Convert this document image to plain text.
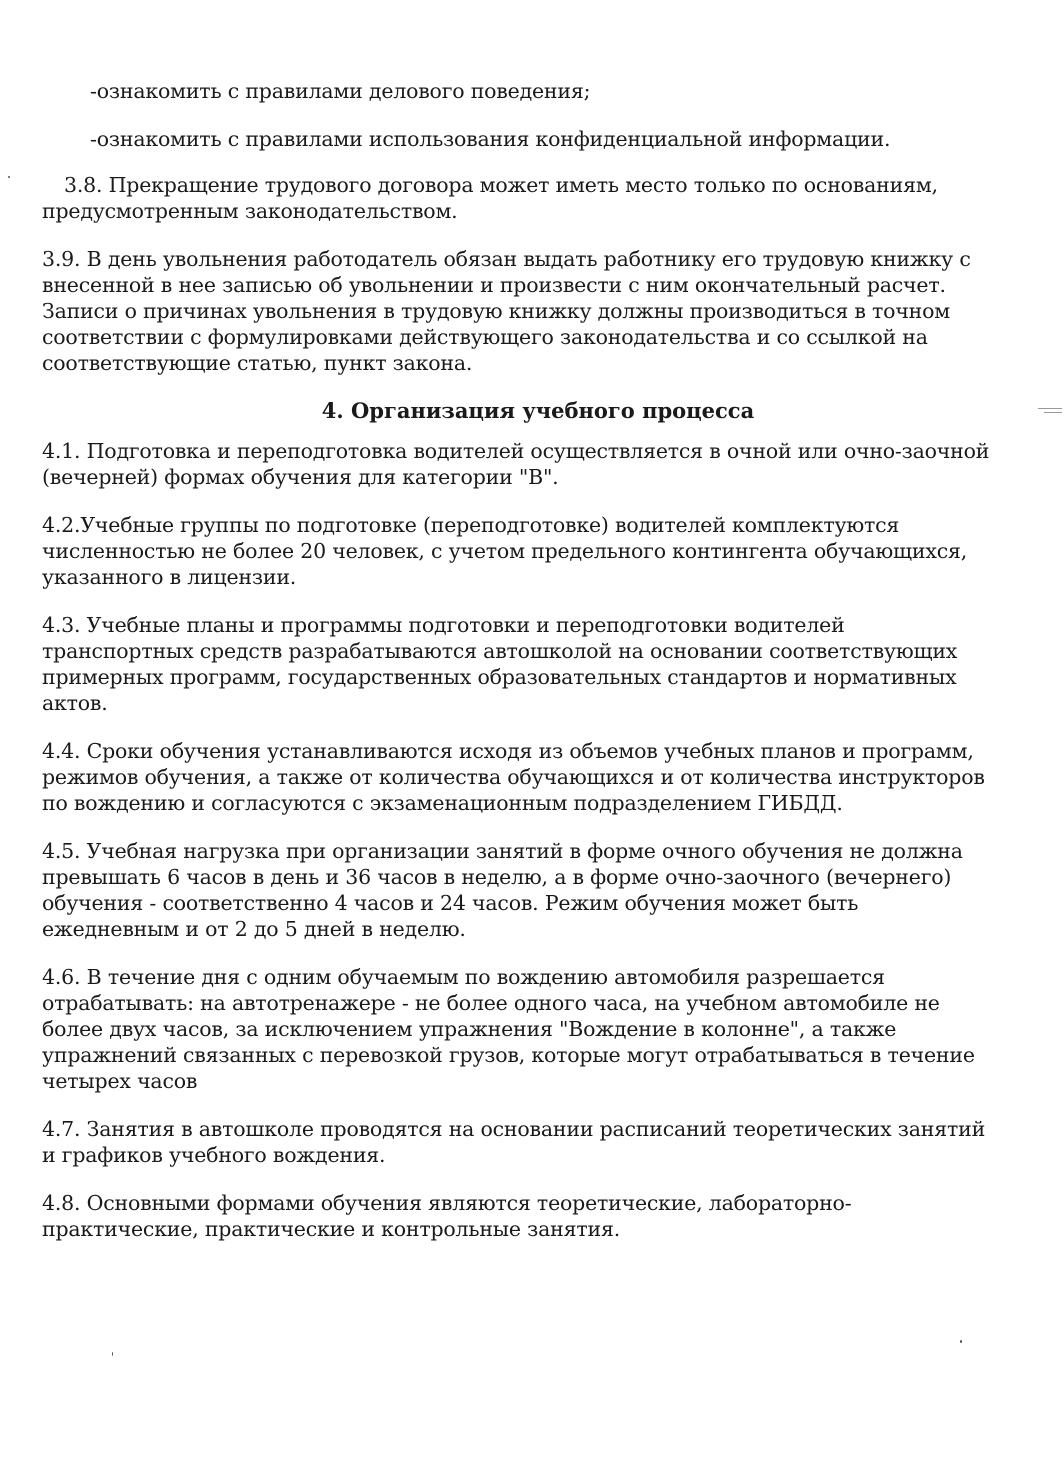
-ознакомить с правилами делового поведения;

-ознакомить с правилами использования конфиденциальной информации.

3.8. Прекращение трудового договора может иметь место только по основаниям, предусмотренным законодательством.

3.9. В день увольнения работодатель обязан выдать работнику его трудовую книжку с внесенной в нее записью об увольнении и произвести с ним окончательный расчет. Записи о причинах увольнения в трудовую книжку должны производиться в точном соответствии с формулировками действующего законодательства и со ссылкой на соответствующие статью, пункт закона.

4. Организация учебного процесса

4.1. Подготовка и переподготовка водителей осуществляется в очной или очно-заочной (вечерней) формах обучения для категории "В".

4.2.Учебные группы по подготовке (переподготовке) водителей комплектуются численностью не более 20 человек, с учетом предельного контингента обучающихся, указанного в лицензии.

4.3. Учебные планы и программы подготовки и переподготовки водителей транспортных средств разрабатываются автошколой на основании соответствующих примерных программ, государственных образовательных стандартов и нормативных актов.

4.4. Сроки обучения устанавливаются исходя из объемов учебных планов и программ, режимов обучения, а также от количества обучающихся и от количества инструкторов по вождению и согласуются с экзаменационным подразделением ГИБДД.

4.5. Учебная нагрузка при организации занятий в форме очного обучения не должна превышать 6 часов в день и 36 часов в неделю, а в форме очно-заочного (вечернего) обучения - соответственно 4 часов и 24 часов. Режим обучения может быть ежедневным и от 2 до 5 дней в неделю.

4.6. В течение дня с одним обучаемым по вождению автомобиля разрешается отрабатывать: на автотренажере - не более одного часа, на учебном автомобиле не более двух часов, за исключением упражнения "Вождение в колонне", а также упражнений связанных с перевозкой грузов, которые могут отрабатываться в течение четырех часов

4.7. Занятия в автошколе проводятся на основании расписаний теоретических занятий и графиков учебного вождения.

4.8. Основными формами обучения являются теоретические, лабораторно-практические, практические и контрольные занятия.
